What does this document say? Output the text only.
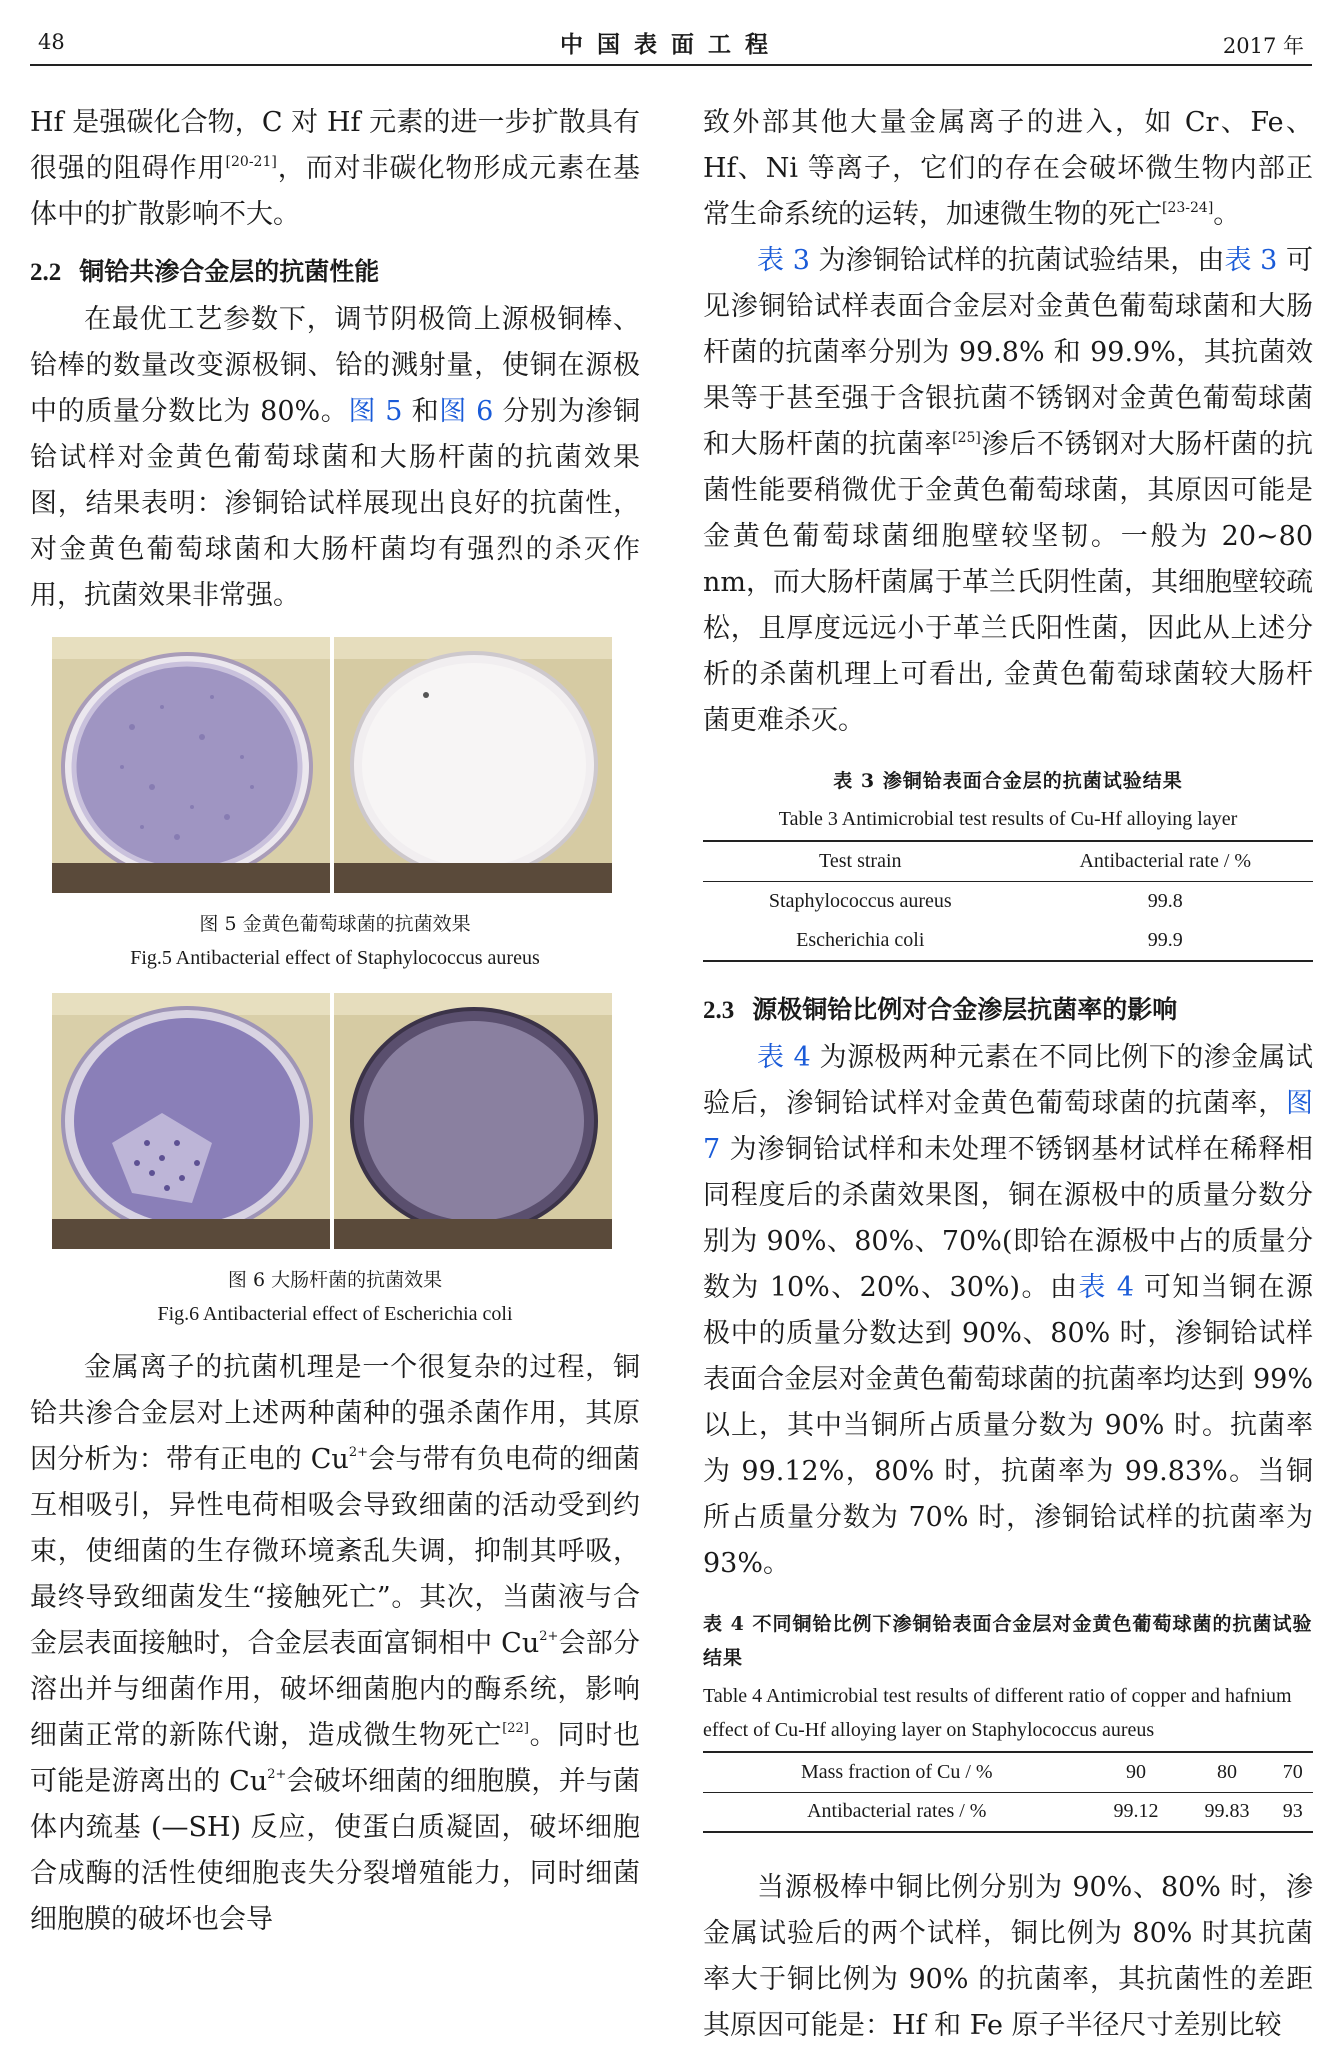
48	中国表面工程	2017 年

Hf 是强碳化合物，C 对 Hf 元素的进一步扩散具有很强的阻碍作用[20-21]，而对非碳化物形成元素在基体中的扩散影响不大。

2.2 铜铪共渗合金层的抗菌性能

在最优工艺参数下，调节阴极筒上源极铜棒、铪棒的数量改变源极铜、铪的溅射量，使铜在源极中的质量分数比为 80%。图 5 和图 6 分别为渗铜铪试样对金黄色葡萄球菌和大肠杆菌的抗菌效果图，结果表明：渗铜铪试样展现出良好的抗菌性，对金黄色葡萄球菌和大肠杆菌均有强烈的杀灭作用，抗菌效果非常强。

图 5 金黄色葡萄球菌的抗菌效果

Fig.5 Antibacterial effect of Staphylococcus aureus

图 6 大肠杆菌的抗菌效果

Fig.6 Antibacterial effect of Escherichia coli

金属离子的抗菌机理是一个很复杂的过程，铜铪共渗合金层对上述两种菌种的强杀菌作用，其原因分析为：带有正电的 $Cu^{2+}$会与带有负电荷的细菌互相吸引，异性电荷相吸会导致细菌的活动受到约束，使细菌的生存微环境紊乱失调，抑制其呼吸，最终导致细菌发生“接触死亡”。其次，当菌液与合金层表面接触时，合金层表面富铜相中 $Cu^{2+}$会部分溶出并与细菌作用，破坏细菌胞内的酶系统，影响细菌正常的新陈代谢，造成微生物死亡[22]。同时也可能是游离出的 $Cu^{2+}$会破坏细菌的细胞膜，并与菌体内巯基 (—SH) 反应，使蛋白质凝固，破坏细胞合成酶的活性使细胞丧失分裂增殖能力，同时细菌细胞膜的破坏也会导

致外部其他大量金属离子的进入，如 Cr、Fe、Hf、Ni 等离子，它们的存在会破坏微生物内部正常生命系统的运转，加速微生物的死亡[23-24]。

表 3 为渗铜铪试样的抗菌试验结果，由表 3 可见渗铜铪试样表面合金层对金黄色葡萄球菌和大肠杆菌的抗菌率分别为 99.8% 和 99.9%，其抗菌效果等于甚至强于含银抗菌不锈钢对金黄色葡萄球菌和大肠杆菌的抗菌率[25]渗后不锈钢对大肠杆菌的抗菌性能要稍微优于金黄色葡萄球菌，其原因可能是金黄色葡萄球菌细胞壁较坚韧。一般为 20~80 nm，而大肠杆菌属于革兰氏阴性菌，其细胞壁较疏松，且厚度远远小于革兰氏阳性菌，因此从上述分析的杀菌机理上可看出, 金黄色葡萄球菌较大肠杆菌更难杀灭。

表 3 渗铜铪表面合金层的抗菌试验结果

Table 3 Antimicrobial test results of Cu-Hf alloying layer

Test strain	Antibacterial rate / %
Staphylococcus aureus	99.8
Escherichia coli	99.9
2.3 源极铜铪比例对合金渗层抗菌率的影响

表 4 为源极两种元素在不同比例下的渗金属试验后，渗铜铪试样对金黄色葡萄球菌的抗菌率，图 7 为渗铜铪试样和未处理不锈钢基材试样在稀释相同程度后的杀菌效果图，铜在源极中的质量分数分别为 90%、80%、70%(即铪在源极中占的质量分数为 10%、20%、30%)。由表 4 可知当铜在源极中的质量分数达到 90%、80% 时，渗铜铪试样表面合金层对金黄色葡萄球菌的抗菌率均达到 99% 以上，其中当铜所占质量分数为 90% 时。抗菌率为 99.12%，80% 时，抗菌率为 99.83%。当铜所占质量分数为 70% 时，渗铜铪试样的抗菌率为 93%。

表 4 不同铜铪比例下渗铜铪表面合金层对金黄色葡萄球菌的抗菌试验结果

Table 4 Antimicrobial test results of different ratio of copper and hafnium effect of Cu-Hf alloying layer on Staphylococcus aureus

Mass fraction of Cu / %	90	80	70
Antibacterial rates / %	99.12	99.83	93

当源极棒中铜比例分别为 90%、80% 时，渗金属试验后的两个试样，铜比例为 80% 时其抗菌率大于铜比例为 90% 的抗菌率，其抗菌性的差距其原因可能是：Hf 和 Fe 原子半径尺寸差别比较
